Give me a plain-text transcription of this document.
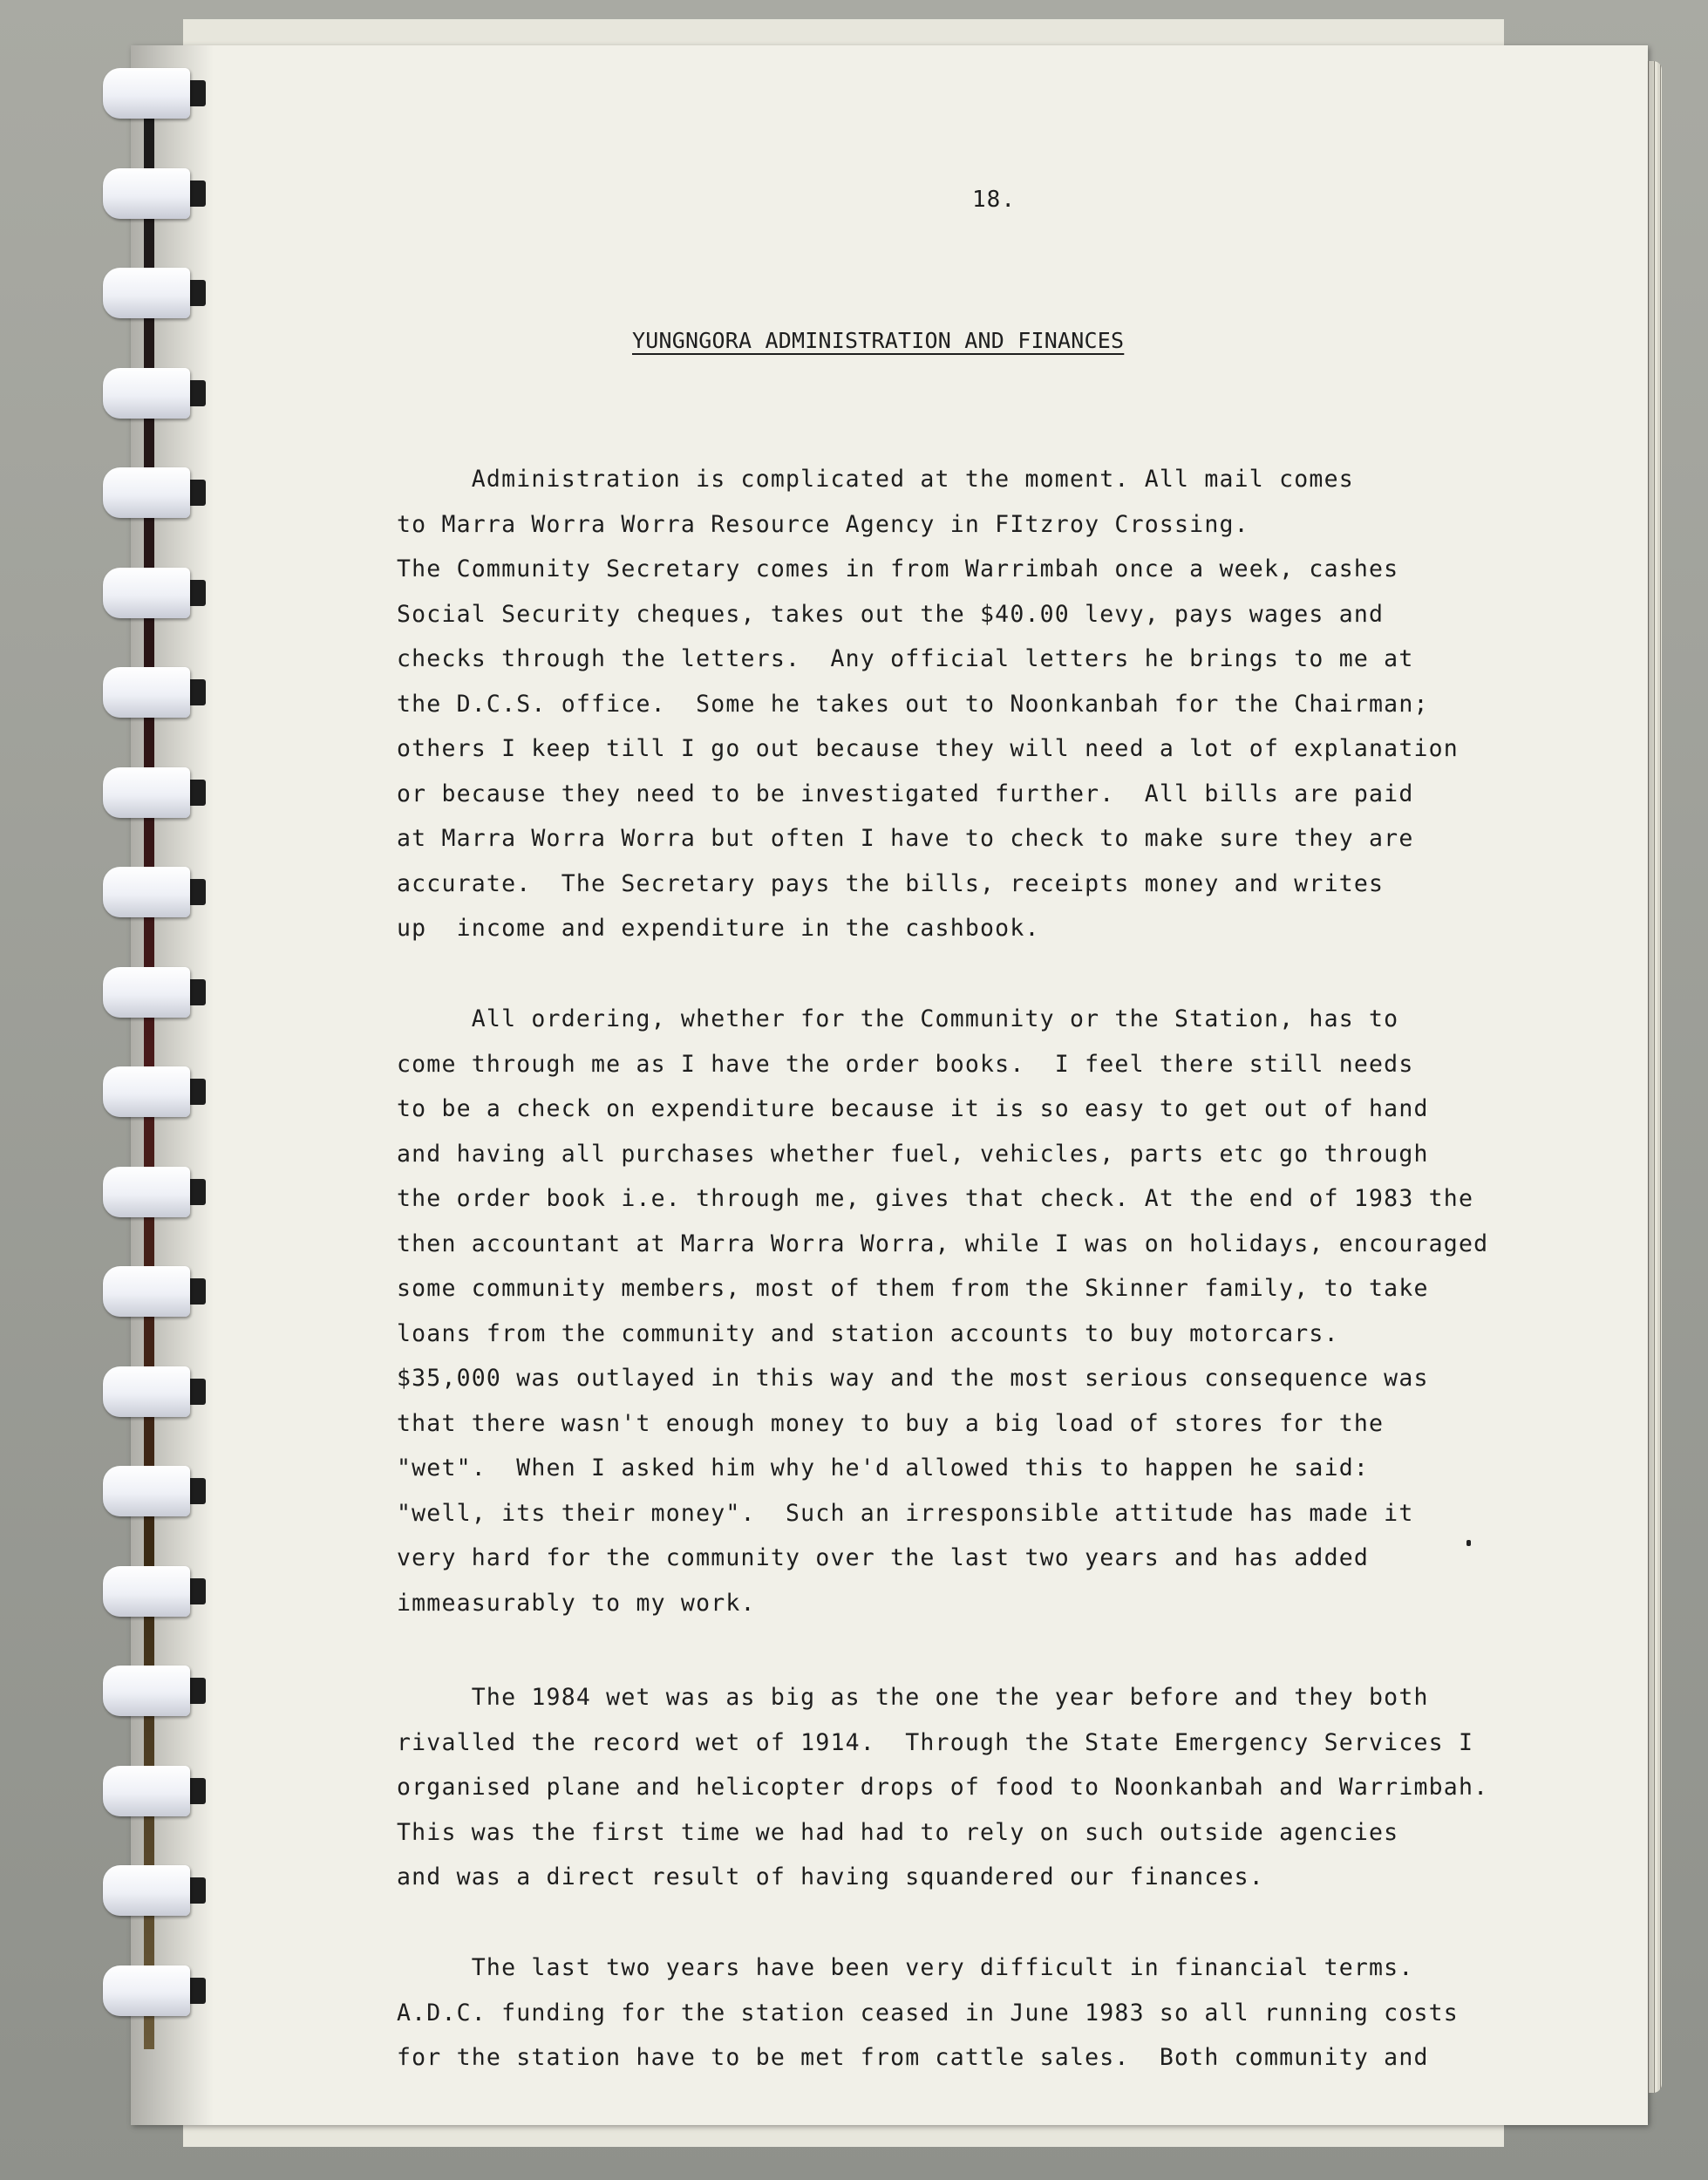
18.
YUNGNGORA ADMINISTRATION AND FINANCES
Administration is complicated at the moment. All mail comes
to Marra Worra Worra Resource Agency in FItzroy Crossing.
The Community Secretary comes in from Warrimbah once a week, cashes
Social Security cheques, takes out the $40.00 levy, pays wages and
checks through the letters.  Any official letters he brings to me at
the D.C.S. office.  Some he takes out to Noonkanbah for the Chairman;
others I keep till I go out because they will need a lot of explanation
or because they need to be investigated further.  All bills are paid
at Marra Worra Worra but often I have to check to make sure they are
accurate.  The Secretary pays the bills, receipts money and writes
up  income and expenditure in the cashbook.
All ordering, whether for the Community or the Station, has to
come through me as I have the order books.  I feel there still needs
to be a check on expenditure because it is so easy to get out of hand
and having all purchases whether fuel, vehicles, parts etc go through
the order book i.e. through me, gives that check. At the end of 1983 the
then accountant at Marra Worra Worra, while I was on holidays, encouraged
some community members, most of them from the Skinner family, to take
loans from the community and station accounts to buy motorcars.
$35,000 was outlayed in this way and the most serious consequence was
that there wasn't enough money to buy a big load of stores for the
"wet".  When I asked him why he'd allowed this to happen he said:
"well, its their money".  Such an irresponsible attitude has made it
very hard for the community over the last two years and has added
immeasurably to my work.
The 1984 wet was as big as the one the year before and they both
rivalled the record wet of 1914.  Through the State Emergency Services I
organised plane and helicopter drops of food to Noonkanbah and Warrimbah.
This was the first time we had had to rely on such outside agencies
and was a direct result of having squandered our finances.
The last two years have been very difficult in financial terms.
A.D.C. funding for the station ceased in June 1983 so all running costs
for the station have to be met from cattle sales.  Both community and
